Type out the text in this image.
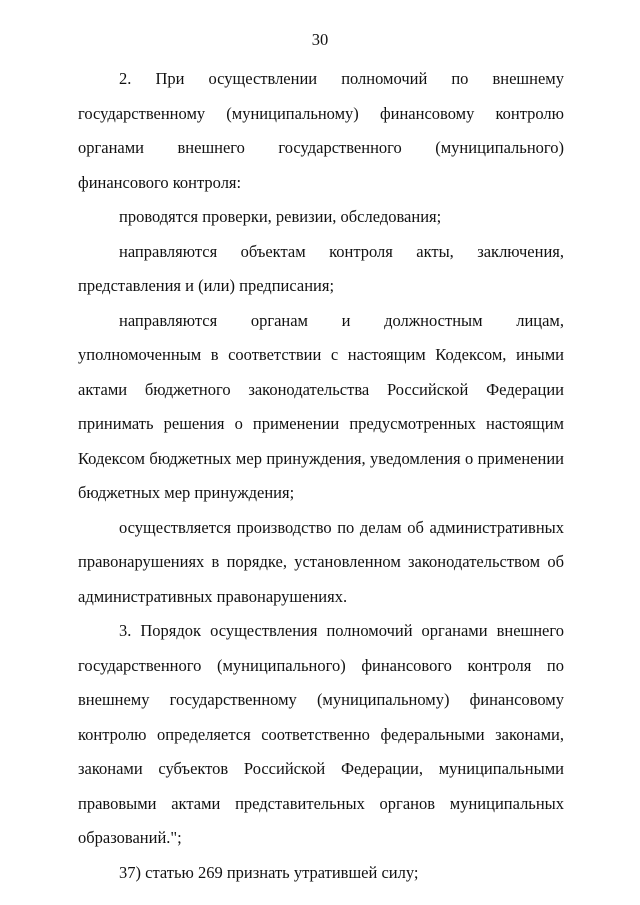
30

2. При осуществлении полномочий по внешнему государственному (муниципальному) финансовому контролю органами внешнего государственного (муниципального) финансового контроля:

проводятся проверки, ревизии, обследования;

направляются объектам контроля акты, заключения, представления и (или) предписания;

направляются органам и должностным лицам, уполномоченным в соответствии с настоящим Кодексом, иными актами бюджетного законодательства Российской Федерации принимать решения о применении предусмотренных настоящим Кодексом бюджетных мер принуждения, уведомления о применении бюджетных мер принуждения;

осуществляется производство по делам об административных правонарушениях в порядке, установленном законодательством об административных правонарушениях.

3. Порядок осуществления полномочий органами внешнего государственного (муниципального) финансового контроля по внешнему государственному (муниципальному) финансовому контролю определяется соответственно федеральными законами, законами субъектов Российской Федерации, муниципальными правовыми актами представительных органов муниципальных образований.";

37) статью 269 признать утратившей силу;
